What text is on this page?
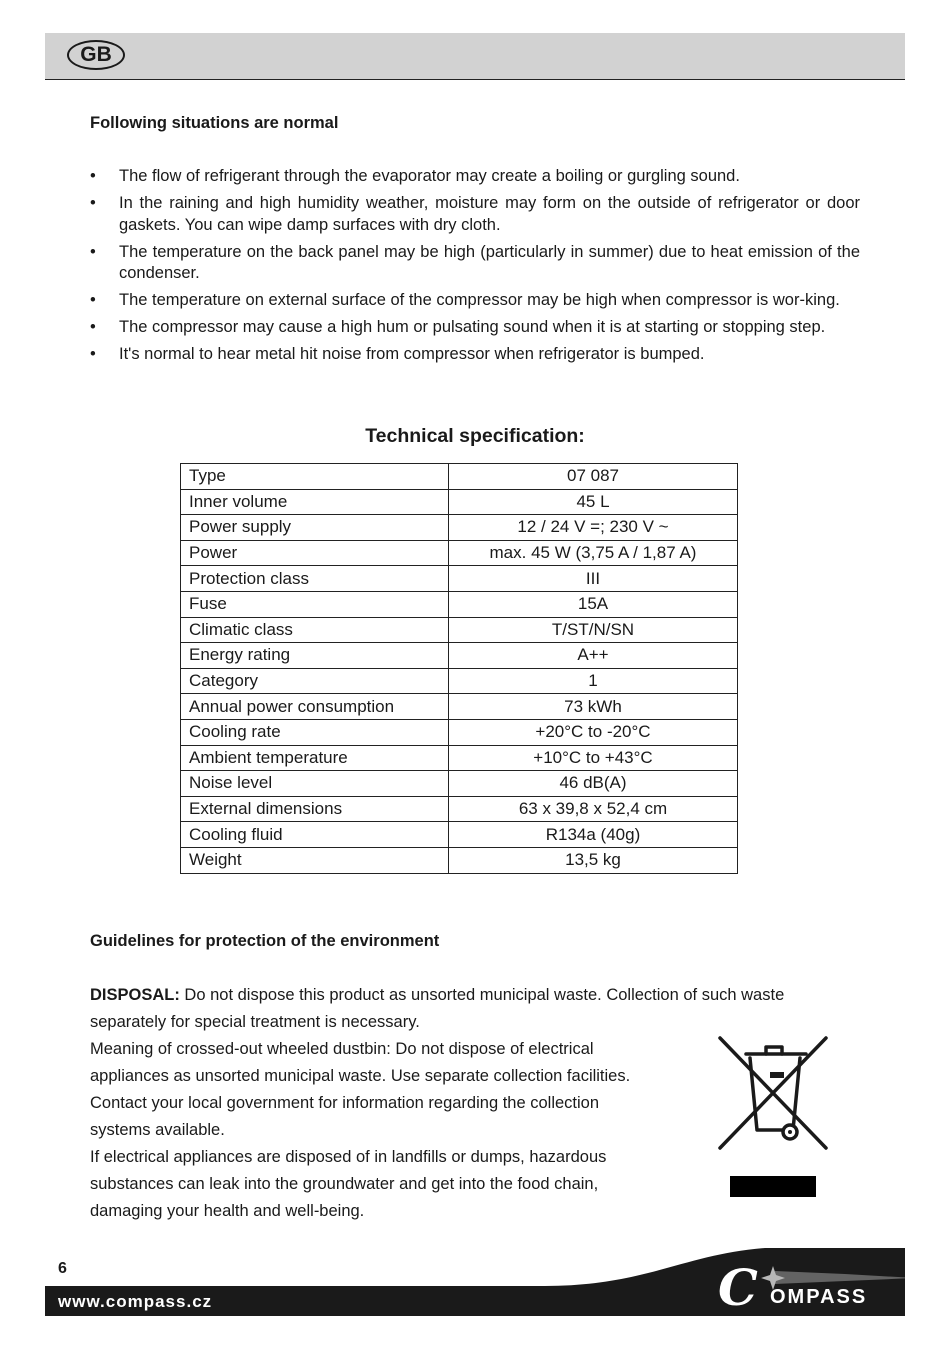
GB
Following situations are normal
• The flow of refrigerant through the evaporator may create a boiling or gurgling sound.
• In the raining and high humidity weather, moisture may form on the outside of refrigerator or door gaskets. You can wipe damp surfaces with dry cloth.
• The temperature on the back panel may be high (particularly in summer) due to heat emission of the condenser.
• The temperature on external surface of the compressor may be high when compressor is wor-king.
• The compressor may cause a high hum or pulsating sound when it is at starting or stopping step.
• It's normal to hear metal hit noise from compressor when refrigerator is bumped.
Technical specification:
Type	07 087
Inner volume	45 L
Power supply	12 / 24 V =; 230 V ~
Power	max. 45 W (3,75 A / 1,87 A)
Protection class	III
Fuse	15A
Climatic class	T/ST/N/SN
Energy rating	A++
Category	1
Annual power consumption	73 kWh
Cooling rate	+20°C to -20°C
Ambient temperature	+10°C to +43°C
Noise level	46 dB(A)
External dimensions	63 x 39,8 x 52,4 cm
Cooling fluid	R134a (40g)
Weight	13,5 kg
Guidelines for protection of the environment

DISPOSAL: Do not dispose this product as unsorted municipal waste. Collection of such waste separately for special treatment is necessary.

Meaning of crossed-out wheeled dustbin: Do not dispose of electrical appliances as unsorted municipal waste. Use separate collection facilities.

Contact your local government for information regarding the collection systems available.

If electrical appliances are disposed of in landfills or dumps, hazardous substances can leak into the groundwater and get into the food chain, damaging your health and well-being.

6
www.compass.cz	C OMPASS
